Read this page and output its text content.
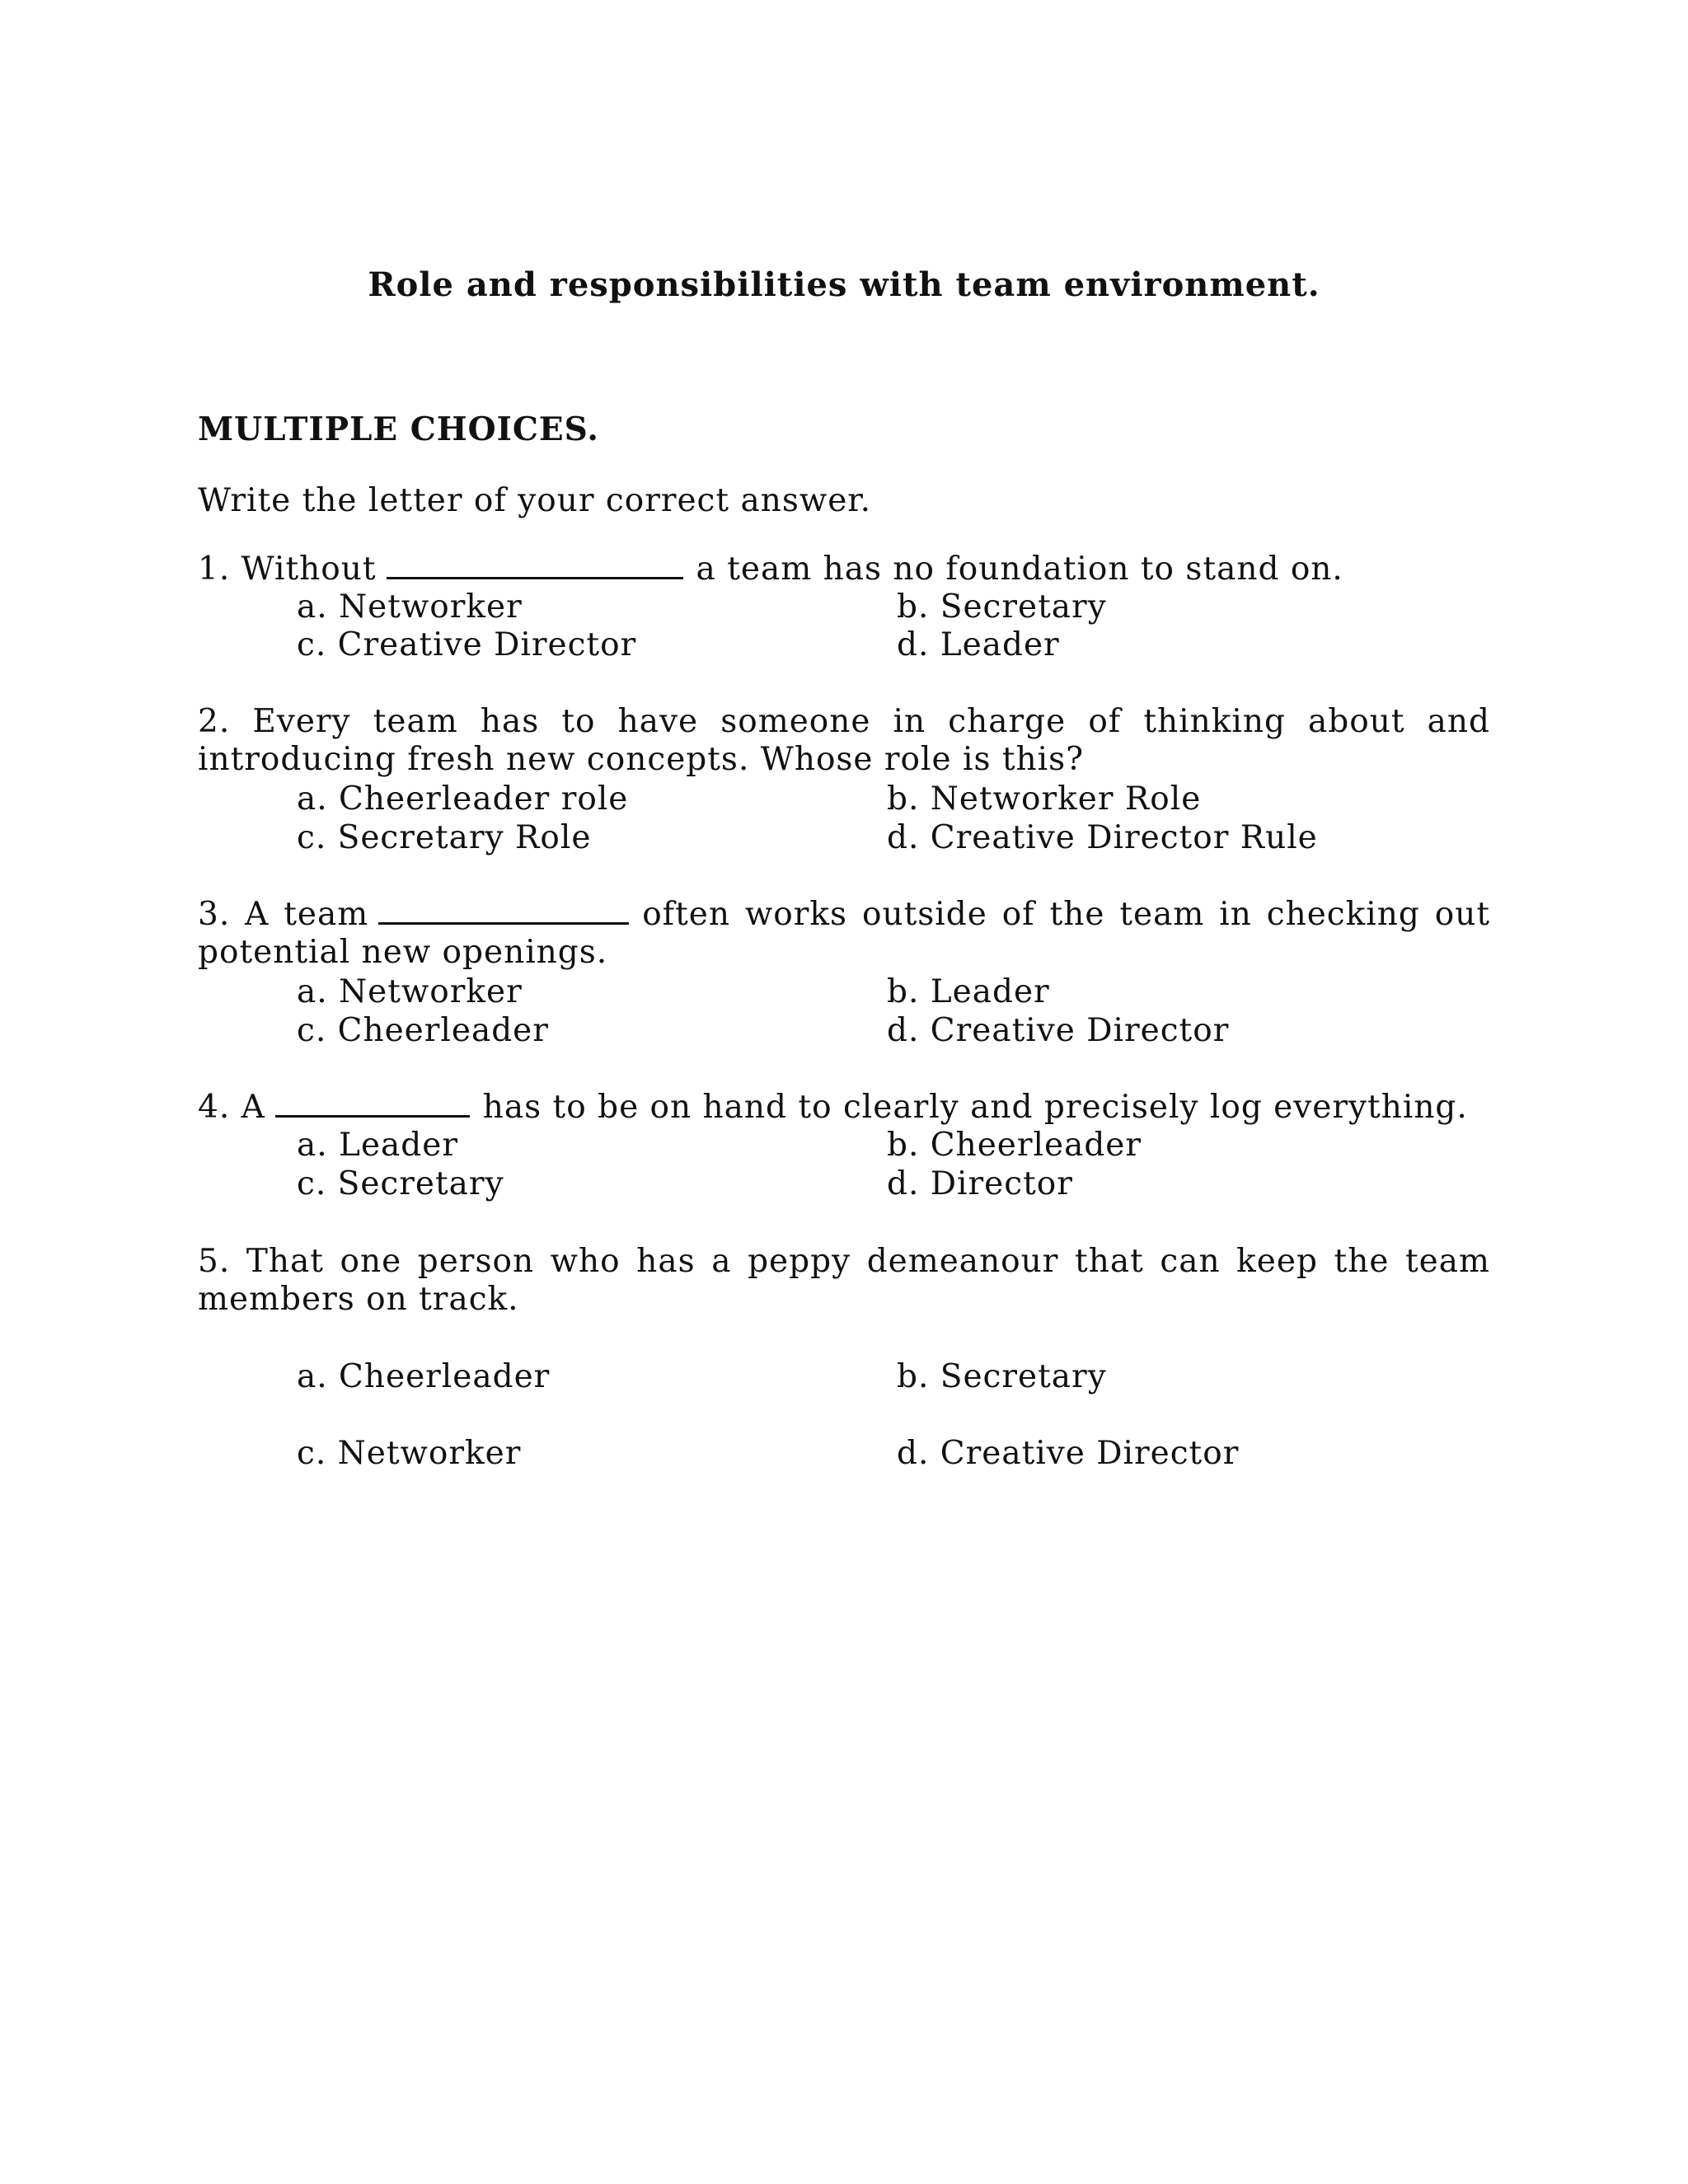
Role and responsibilities with team environment.
MULTIPLE CHOICES.
Write the letter of your correct answer.
1. Without	a team has no foundation to stand on.
a. Networker	b. Secretary
c. Creative Director	d. Leader
2. Every team has to have someone in charge of thinking about and introducing fresh new concepts. Whose role is this?
a. Cheerleader role	b. Networker Role
c. Secretary Role	d. Creative Director Rule
3. A team	often works outside of the team in checking out potential new openings.
a. Networker	b. Leader
c. Cheerleader	d. Creative Director
4. A	has to be on hand to clearly and precisely log everything.
a. Leader	b. Cheerleader
c. Secretary	d. Director
5. That one person who has a peppy demeanour that can keep the team members on track.
a. Cheerleader	b. Secretary
c. Networker	d. Creative Director
